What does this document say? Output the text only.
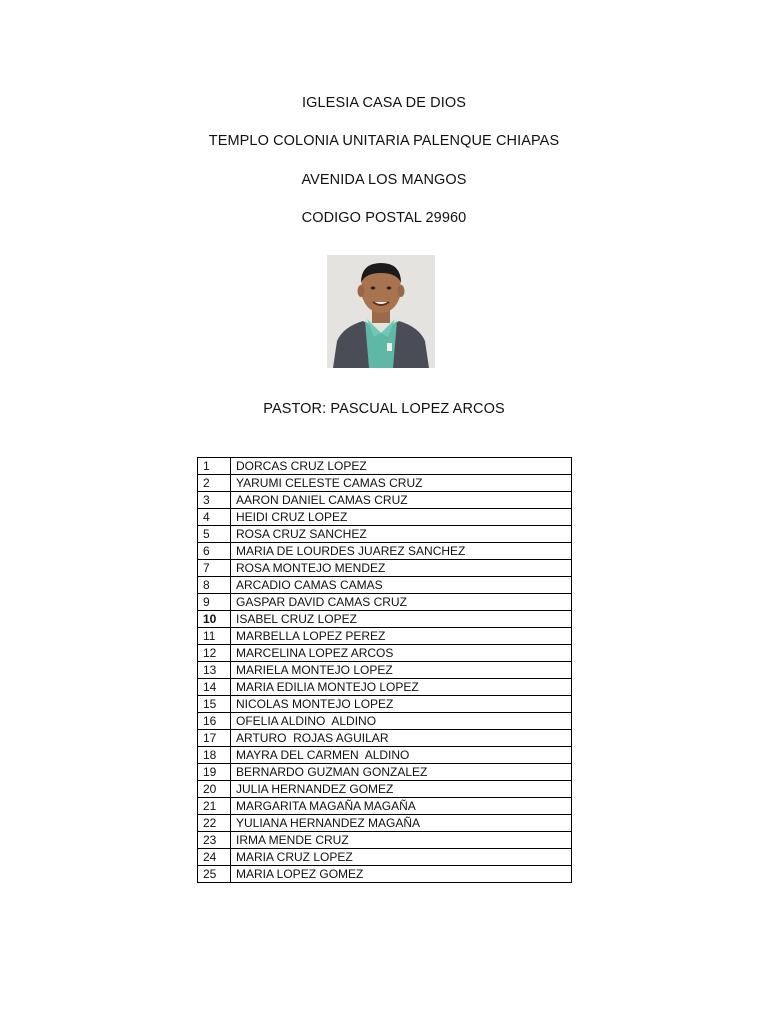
IGLESIA CASA DE DIOS
TEMPLO COLONIA UNITARIA PALENQUE CHIAPAS
AVENIDA LOS MANGOS
CODIGO POSTAL 29960
PASTOR: PASCUAL LOPEZ ARCOS
1	DORCAS CRUZ LOPEZ
2	YARUMI CELESTE CAMAS CRUZ
3	AARON DANIEL CAMAS CRUZ
4	HEIDI CRUZ LOPEZ
5	ROSA CRUZ SANCHEZ
6	MARIA DE LOURDES JUAREZ SANCHEZ
7	ROSA MONTEJO MENDEZ
8	ARCADIO CAMAS CAMAS
9	GASPAR DAVID CAMAS CRUZ
10	ISABEL CRUZ LOPEZ
11	MARBELLA LOPEZ PEREZ
12	MARCELINA LOPEZ ARCOS
13	MARIELA MONTEJO LOPEZ
14	MARIA EDILIA MONTEJO LOPEZ
15	NICOLAS MONTEJO LOPEZ
16	OFELIA ALDINO  ALDINO
17	ARTURO  ROJAS AGUILAR
18	MAYRA DEL CARMEN  ALDINO
19	BERNARDO GUZMAN GONZALEZ
20	JULIA HERNANDEZ GOMEZ
21	MARGARITA MAGAÑA MAGAÑA
22	YULIANA HERNANDEZ MAGAÑA
23	IRMA MENDE CRUZ
24	MARIA CRUZ LOPEZ
25	MARIA LOPEZ GOMEZ
